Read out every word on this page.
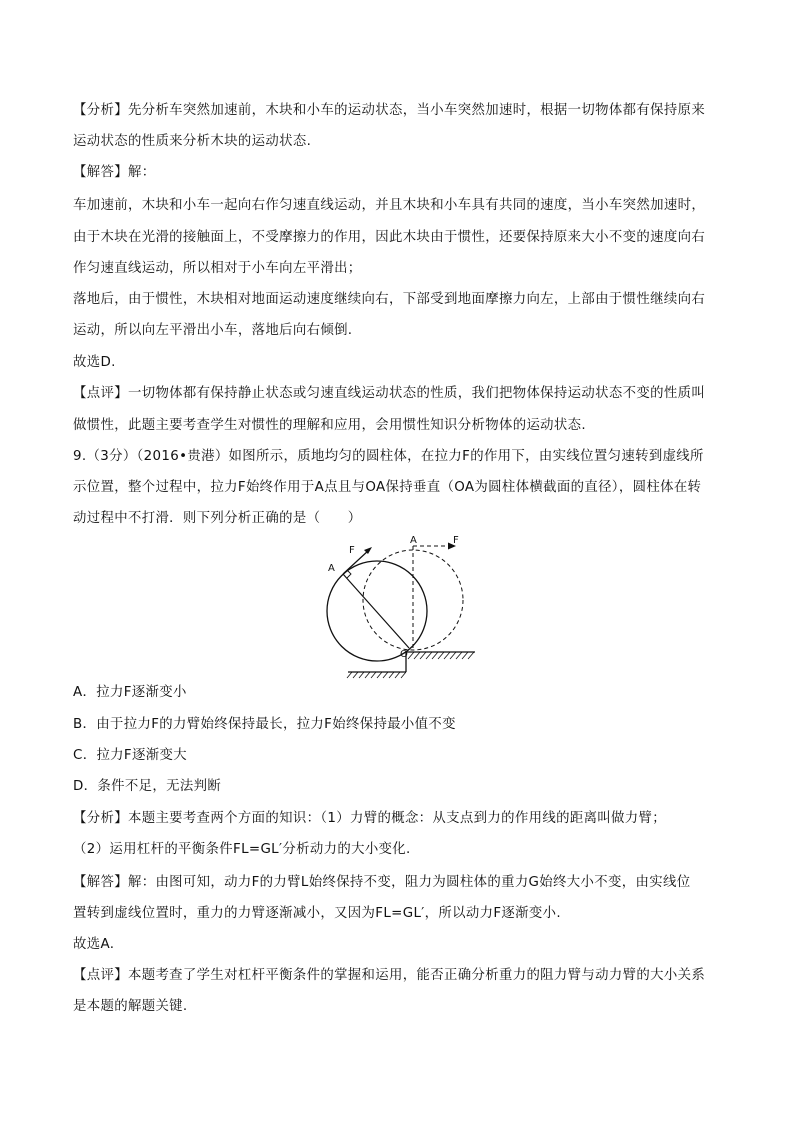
【分析】先分析车突然加速前，木块和小车的运动状态，当小车突然加速时，根据一切物体都有保持原来
运动状态的性质来分析木块的运动状态.
【解答】解：
车加速前，木块和小车一起向右作匀速直线运动，并且木块和小车具有共同的速度，当小车突然加速时，
由于木块在光滑的接触面上，不受摩擦力的作用，因此木块由于惯性，还要保持原来大小不变的速度向右
作匀速直线运动，所以相对于小车向左平滑出；
落地后，由于惯性，木块相对地面运动速度继续向右，下部受到地面摩擦力向左，上部由于惯性继续向右
运动，所以向左平滑出小车，落地后向右倾倒.
故选D.
【点评】一切物体都有保持静止状态或匀速直线运动状态的性质，我们把物体保持运动状态不变的性质叫
做惯性，此题主要考查学生对惯性的理解和应用，会用惯性知识分析物体的运动状态.
9.（3分）（2016•贵港）如图所示，质地均匀的圆柱体，在拉力F的作用下，由实线位置匀速转到虚线所
示位置，整个过程中，拉力F始终作用于A点且与OA保持垂直（OA为圆柱体横截面的直径），圆柱体在转
动过程中不打滑．则下列分析正确的是（　　）
F
A
A	F
O
A．拉力F逐渐变小
B．由于拉力F的力臂始终保持最长，拉力F始终保持最小值不变
C．拉力F逐渐变大
D．条件不足，无法判断
【分析】本题主要考查两个方面的知识：（1）力臂的概念：从支点到力的作用线的距离叫做力臂；
（2）运用杠杆的平衡条件FL=GL′分析动力的大小变化.
【解答】解：由图可知，动力F的力臂L始终保持不变，阻力为圆柱体的重力G始终大小不变，由实线位
置转到虚线位置时，重力的力臂逐渐减小，又因为FL=GL′，所以动力F逐渐变小.
故选A.
【点评】本题考查了学生对杠杆平衡条件的掌握和运用，能否正确分析重力的阻力臂与动力臂的大小关系
是本题的解题关键.
